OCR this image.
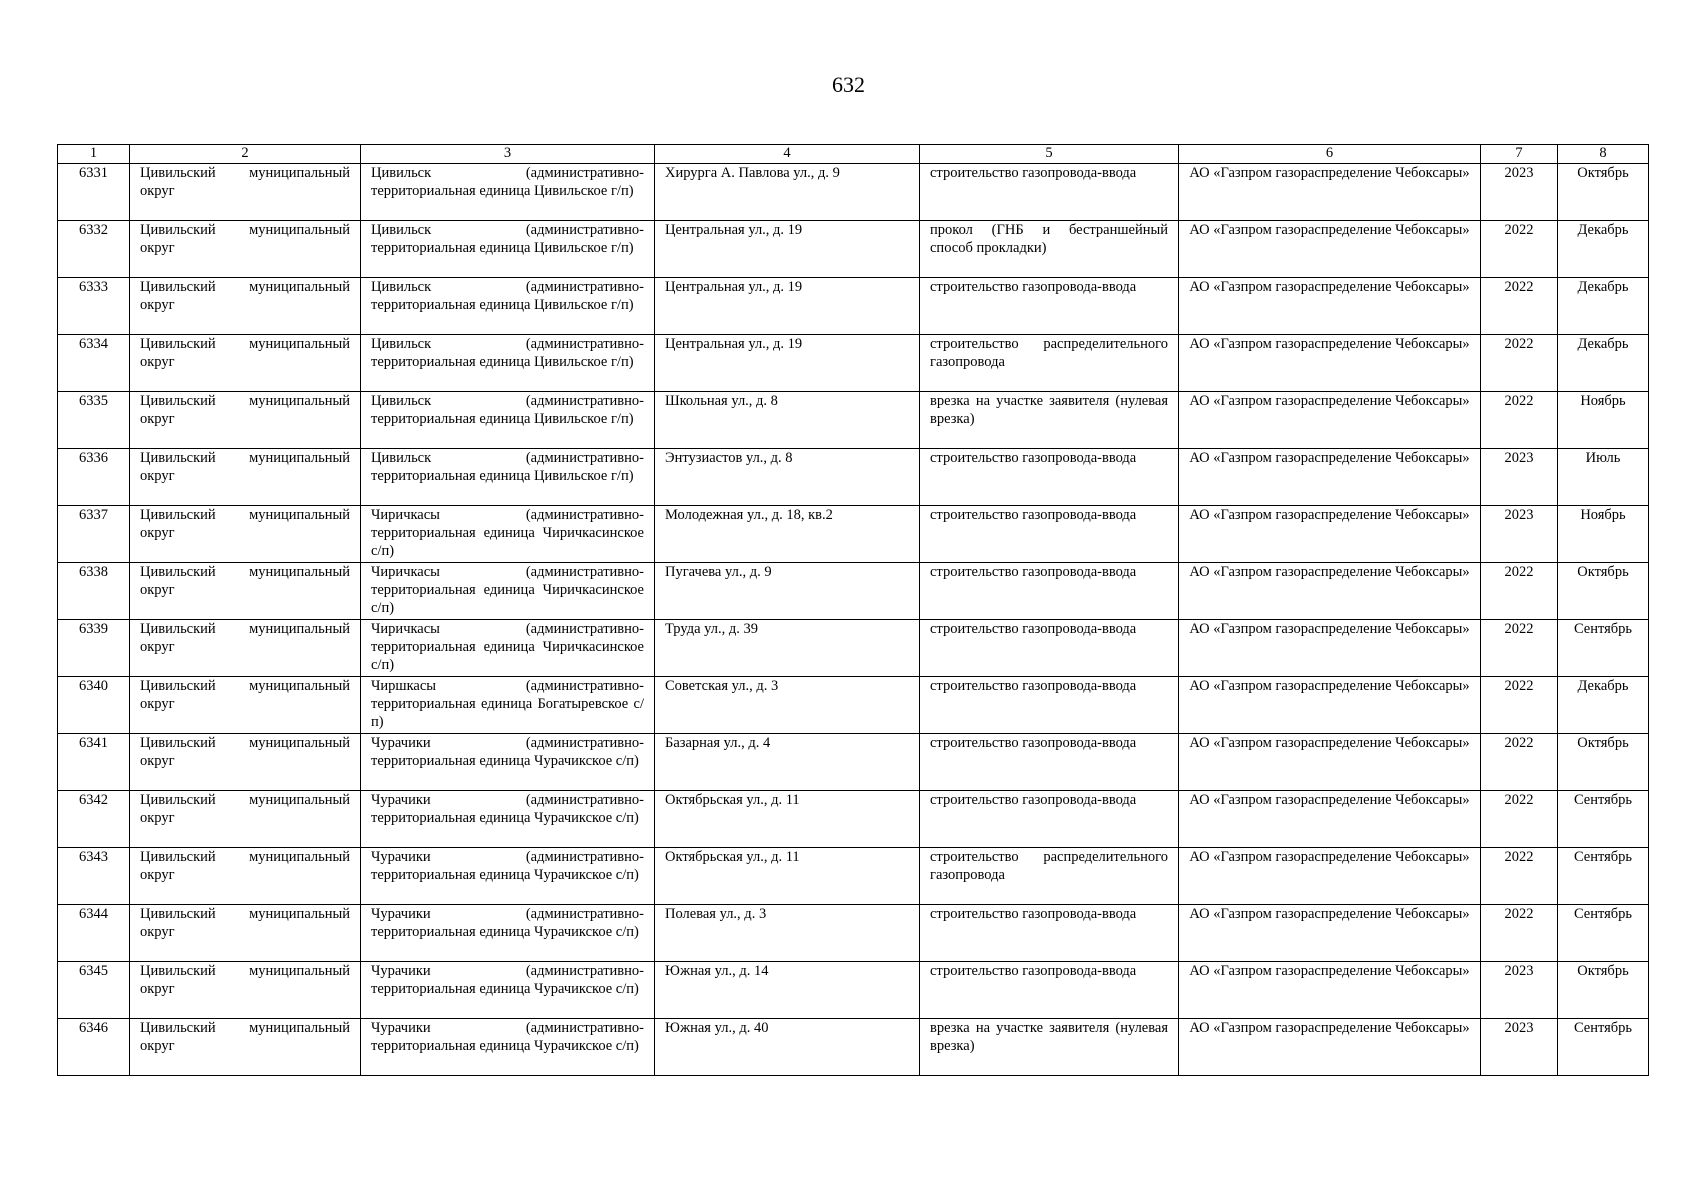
632
1	2	3	4	5	6	7	8
6331	Цивильский муниципальный округ	Цивильск (административно-территориальная единица Цивильское г/п)	Хирурга А. Павлова ул., д. 9	строительство газопровода-ввода	АО «Газпром газораспределение Чебоксары»	2023	Октябрь
6332	Цивильский муниципальный округ	Цивильск (административно-территориальная единица Цивильское г/п)	Центральная ул., д. 19	прокол (ГНБ и бестраншейный способ прокладки)	АО «Газпром газораспределение Чебоксары»	2022	Декабрь
6333	Цивильский муниципальный округ	Цивильск (административно-территориальная единица Цивильское г/п)	Центральная ул., д. 19	строительство газопровода-ввода	АО «Газпром газораспределение Чебоксары»	2022	Декабрь
6334	Цивильский муниципальный округ	Цивильск (административно-территориальная единица Цивильское г/п)	Центральная ул., д. 19	строительство распределительного газопровода	АО «Газпром газораспределение Чебоксары»	2022	Декабрь
6335	Цивильский муниципальный округ	Цивильск (административно-территориальная единица Цивильское г/п)	Школьная ул., д. 8	врезка на участке заявителя (нулевая врезка)	АО «Газпром газораспределение Чебоксары»	2022	Ноябрь
6336	Цивильский муниципальный округ	Цивильск (административно-территориальная единица Цивильское г/п)	Энтузиастов ул., д. 8	строительство газопровода-ввода	АО «Газпром газораспределение Чебоксары»	2023	Июль
6337	Цивильский муниципальный округ	Чиричкасы (административно-территориальная единица Чиричкасинское с/п)	Молодежная ул., д. 18, кв.2	строительство газопровода-ввода	АО «Газпром газораспределение Чебоксары»	2023	Ноябрь
6338	Цивильский муниципальный округ	Чиричкасы (административно-территориальная единица Чиричкасинское с/п)	Пугачева ул., д. 9	строительство газопровода-ввода	АО «Газпром газораспределение Чебоксары»	2022	Октябрь
6339	Цивильский муниципальный округ	Чиричкасы (административно-территориальная единица Чиричкасинское с/п)	Труда ул., д. 39	строительство газопровода-ввода	АО «Газпром газораспределение Чебоксары»	2022	Сентябрь
6340	Цивильский муниципальный округ	Чиршкасы (административно-территориальная единица Богатыревское с/п)	Советская ул., д. 3	строительство газопровода-ввода	АО «Газпром газораспределение Чебоксары»	2022	Декабрь
6341	Цивильский муниципальный округ	Чурачики (административно-территориальная единица Чурачикское с/п)	Базарная ул., д. 4	строительство газопровода-ввода	АО «Газпром газораспределение Чебоксары»	2022	Октябрь
6342	Цивильский муниципальный округ	Чурачики (административно-территориальная единица Чурачикское с/п)	Октябрьская ул., д. 11	строительство газопровода-ввода	АО «Газпром газораспределение Чебоксары»	2022	Сентябрь
6343	Цивильский муниципальный округ	Чурачики (административно-территориальная единица Чурачикское с/п)	Октябрьская ул., д. 11	строительство распределительного газопровода	АО «Газпром газораспределение Чебоксары»	2022	Сентябрь
6344	Цивильский муниципальный округ	Чурачики (административно-территориальная единица Чурачикское с/п)	Полевая ул., д. 3	строительство газопровода-ввода	АО «Газпром газораспределение Чебоксары»	2022	Сентябрь
6345	Цивильский муниципальный округ	Чурачики (административно-территориальная единица Чурачикское с/п)	Южная ул., д. 14	строительство газопровода-ввода	АО «Газпром газораспределение Чебоксары»	2023	Октябрь
6346	Цивильский муниципальный округ	Чурачики (административно-территориальная единица Чурачикское с/п)	Южная ул., д. 40	врезка на участке заявителя (нулевая врезка)	АО «Газпром газораспределение Чебоксары»	2023	Сентябрь
